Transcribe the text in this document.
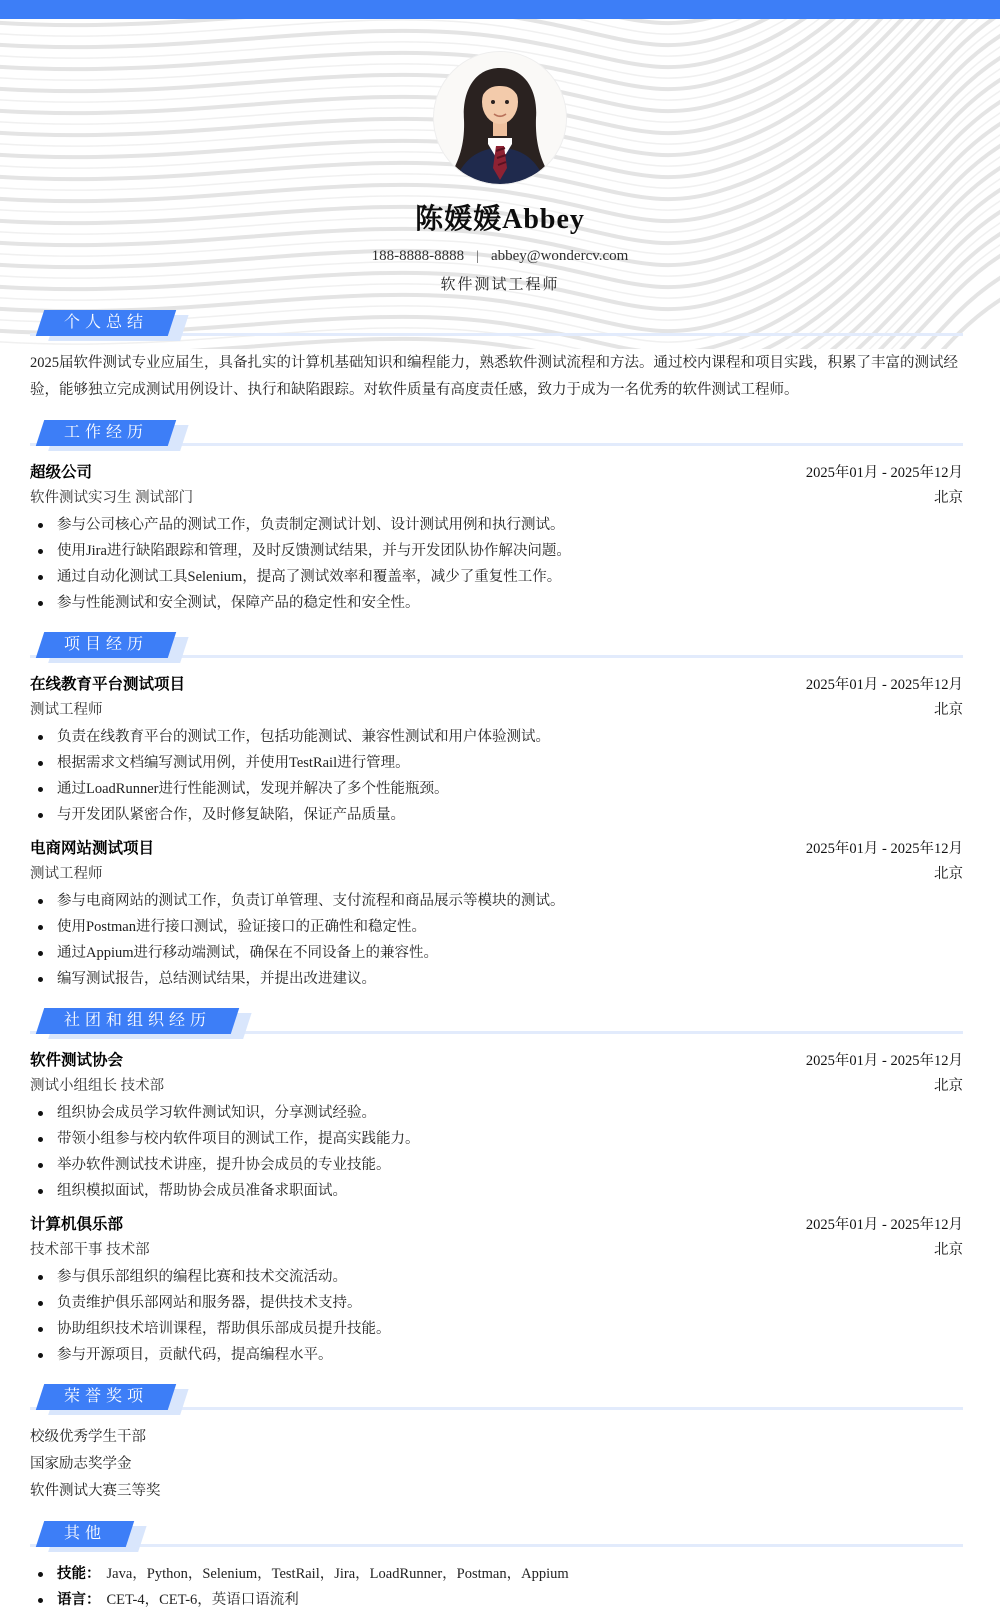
陈媛媛Abbey
188-8888-8888 | abbey@wondercv.com
软件测试工程师
个人总结
2025届软件测试专业应届生，具备扎实的计算机基础知识和编程能力，熟悉软件测试流程和方法。通过校内课程和项目实践，积累了丰富的测试经验，能够独立完成测试用例设计、执行和缺陷跟踪。对软件质量有高度责任感，致力于成为一名优秀的软件测试工程师。
工作经历
超级公司	2025年01月 - 2025年12月
软件测试实习生 测试部门	北京
参与公司核心产品的测试工作，负责制定测试计划、设计测试用例和执行测试。
使用Jira进行缺陷跟踪和管理，及时反馈测试结果，并与开发团队协作解决问题。
通过自动化测试工具Selenium，提高了测试效率和覆盖率，减少了重复性工作。
参与性能测试和安全测试，保障产品的稳定性和安全性。
项目经历
在线教育平台测试项目	2025年01月 - 2025年12月
测试工程师	北京
负责在线教育平台的测试工作，包括功能测试、兼容性测试和用户体验测试。
根据需求文档编写测试用例，并使用TestRail进行管理。
通过LoadRunner进行性能测试，发现并解决了多个性能瓶颈。
与开发团队紧密合作，及时修复缺陷，保证产品质量。
电商网站测试项目	2025年01月 - 2025年12月
测试工程师	北京
参与电商网站的测试工作，负责订单管理、支付流程和商品展示等模块的测试。
使用Postman进行接口测试，验证接口的正确性和稳定性。
通过Appium进行移动端测试，确保在不同设备上的兼容性。
编写测试报告，总结测试结果，并提出改进建议。
社团和组织经历
软件测试协会	2025年01月 - 2025年12月
测试小组组长 技术部	北京
组织协会成员学习软件测试知识，分享测试经验。
带领小组参与校内软件项目的测试工作，提高实践能力。
举办软件测试技术讲座，提升协会成员的专业技能。
组织模拟面试，帮助协会成员准备求职面试。
计算机俱乐部	2025年01月 - 2025年12月
技术部干事 技术部	北京
参与俱乐部组织的编程比赛和技术交流活动。
负责维护俱乐部网站和服务器，提供技术支持。
协助组织技术培训课程，帮助俱乐部成员提升技能。
参与开源项目，贡献代码，提高编程水平。
荣誉奖项
校级优秀学生干部
国家励志奖学金
软件测试大赛三等奖
其他
技能： Java，Python，Selenium，TestRail，Jira，LoadRunner，Postman，Appium
语言： CET-4，CET-6，英语口语流利
